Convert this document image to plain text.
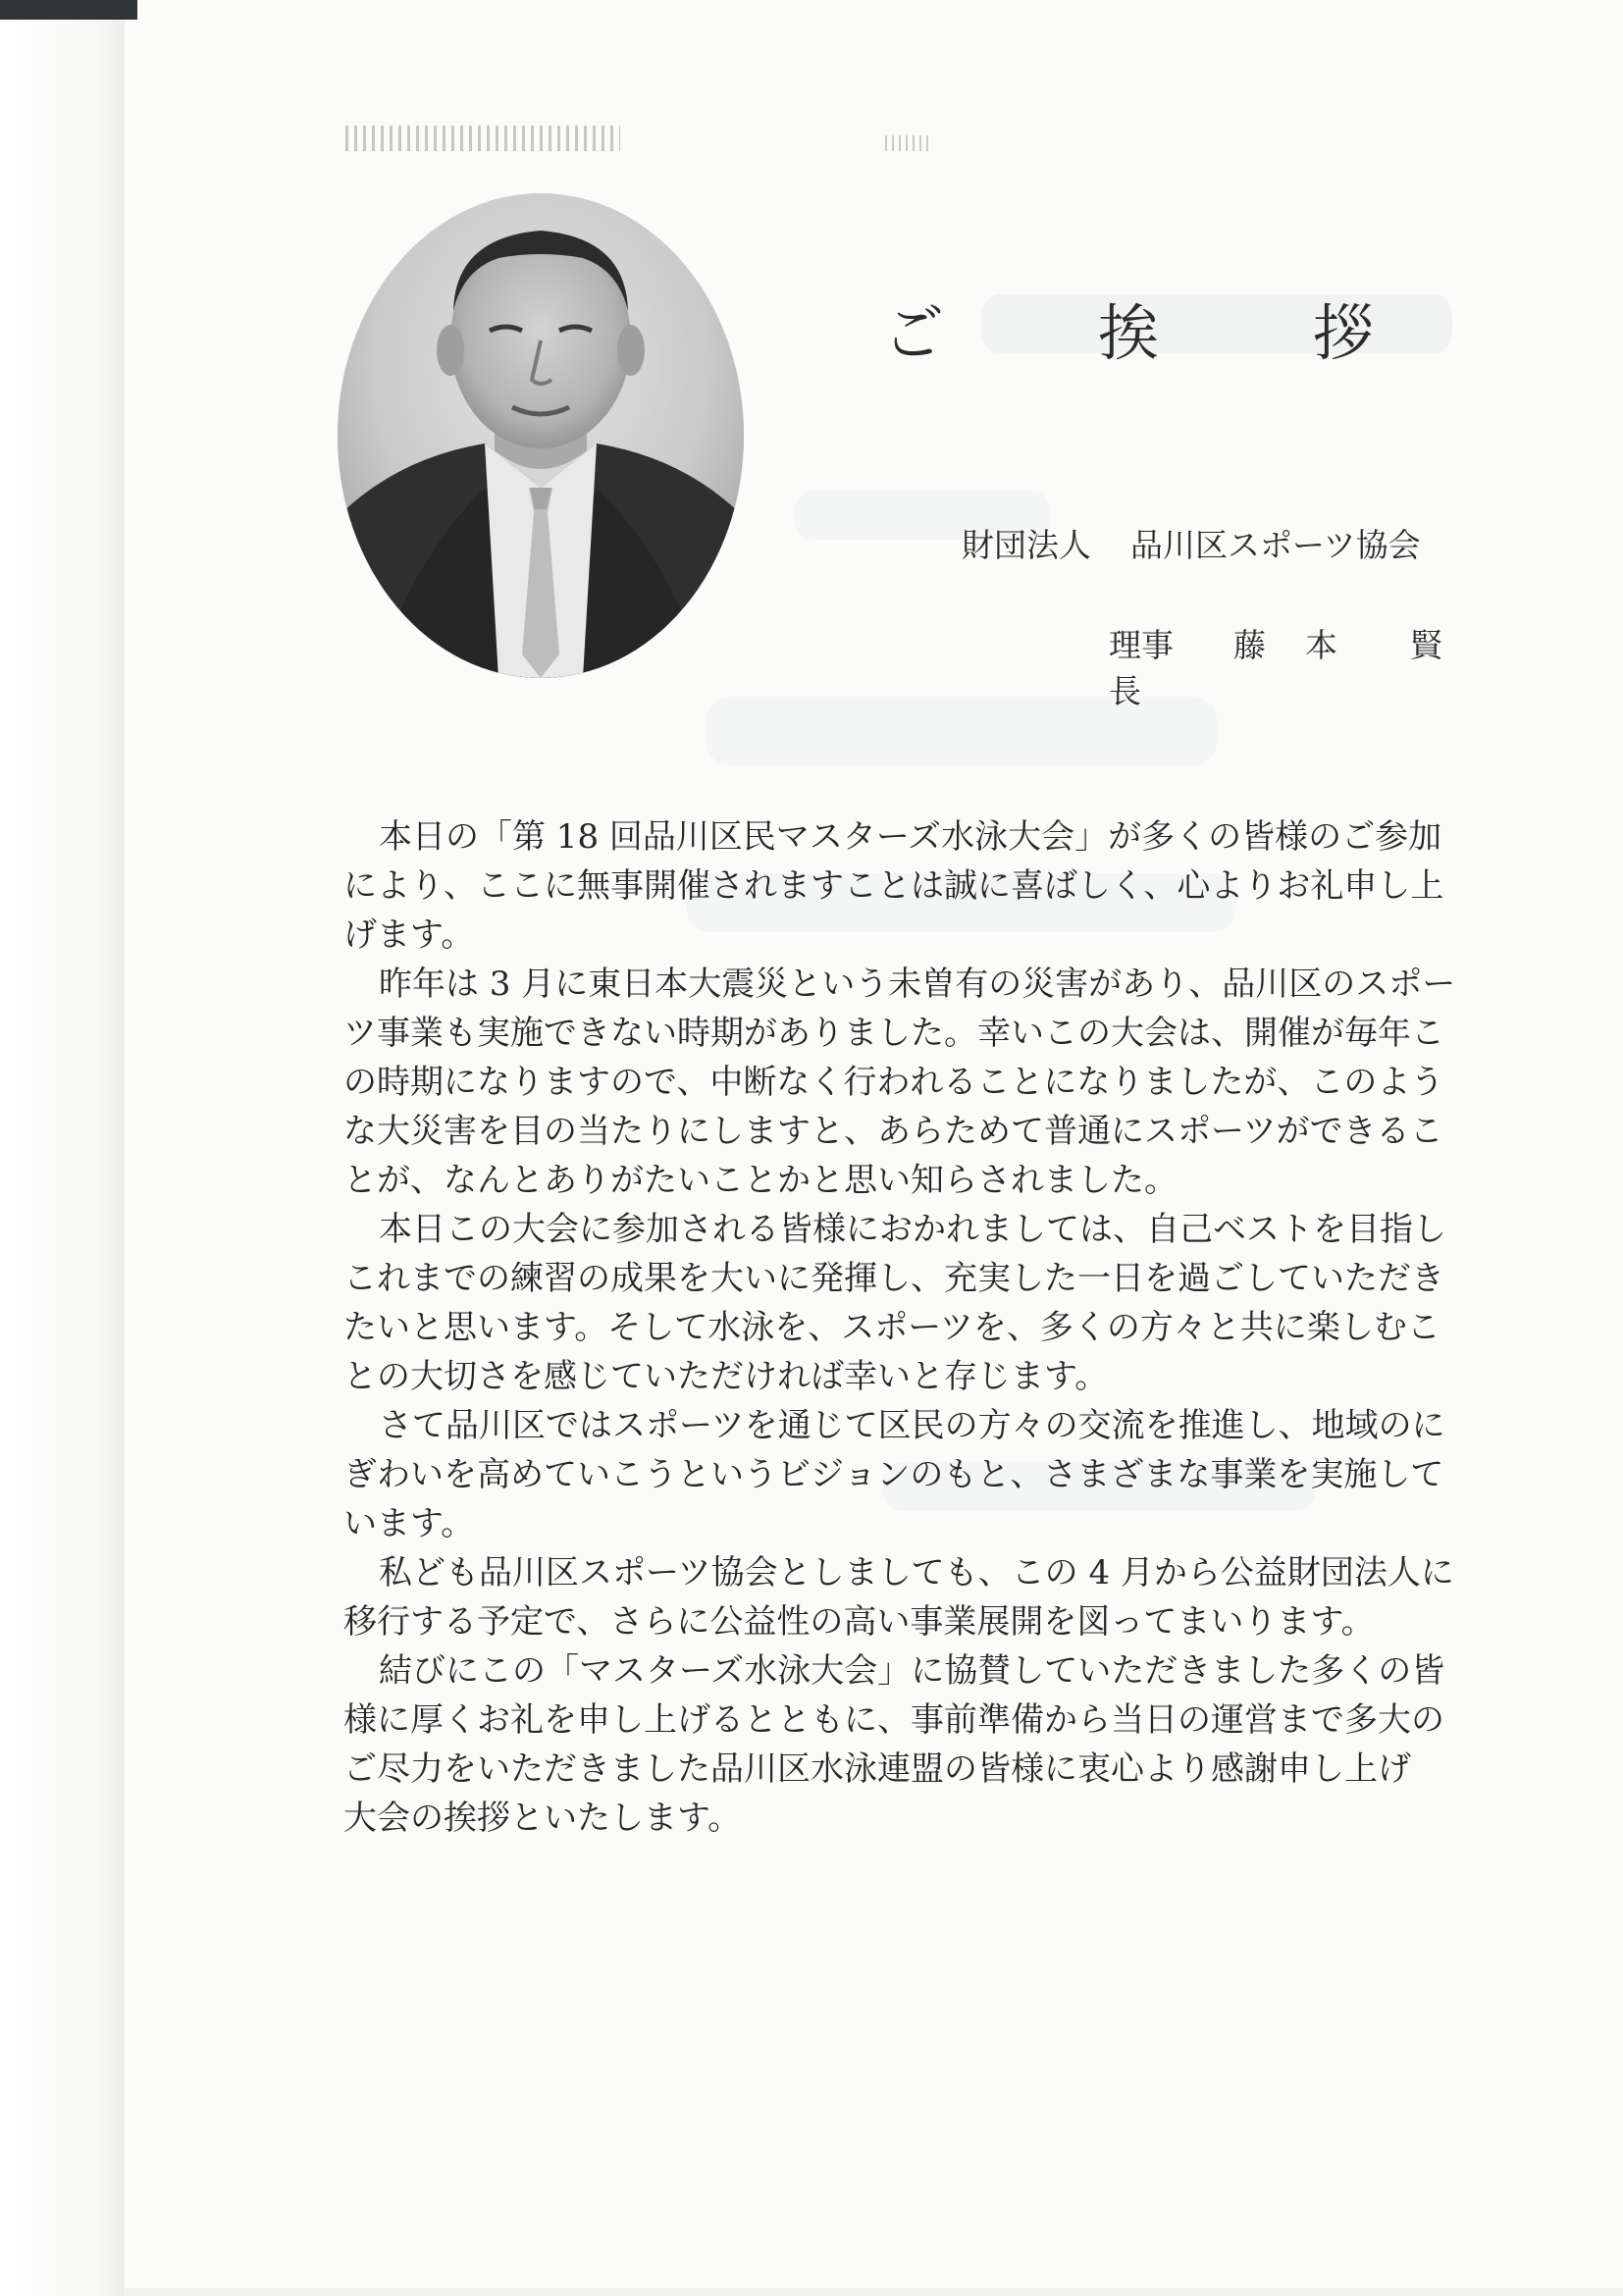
ご	挨	拶
財団法人 品川区スポーツ協会
理事長
藤 本 賢
本日の「第 18 回品川区民マスターズ水泳大会」が多くの皆様のご参加
により、ここに無事開催されますことは誠に喜ばしく、心よりお礼申し上
げます。
昨年は 3 月に東日本大震災という未曽有の災害があり、品川区のスポー
ツ事業も実施できない時期がありました。幸いこの大会は、開催が毎年こ
の時期になりますので、中断なく行われることになりましたが、このよう
な大災害を目の当たりにしますと、あらためて普通にスポーツができるこ
とが、なんとありがたいことかと思い知らされました。
本日この大会に参加される皆様におかれましては、自己ベストを目指し
これまでの練習の成果を大いに発揮し、充実した一日を過ごしていただき
たいと思います。そして水泳を、スポーツを、多くの方々と共に楽しむこ
との大切さを感じていただければ幸いと存じます。
さて品川区ではスポーツを通じて区民の方々の交流を推進し、地域のに
ぎわいを高めていこうというビジョンのもと、さまざまな事業を実施して
います。
私ども品川区スポーツ協会としましても、この 4 月から公益財団法人に
移行する予定で、さらに公益性の高い事業展開を図ってまいります。
結びにこの「マスターズ水泳大会」に協賛していただきました多くの皆
様に厚くお礼を申し上げるとともに、事前準備から当日の運営まで多大の
ご尽力をいただきました品川区水泳連盟の皆様に衷心より感謝申し上げ
大会の挨拶といたします。
